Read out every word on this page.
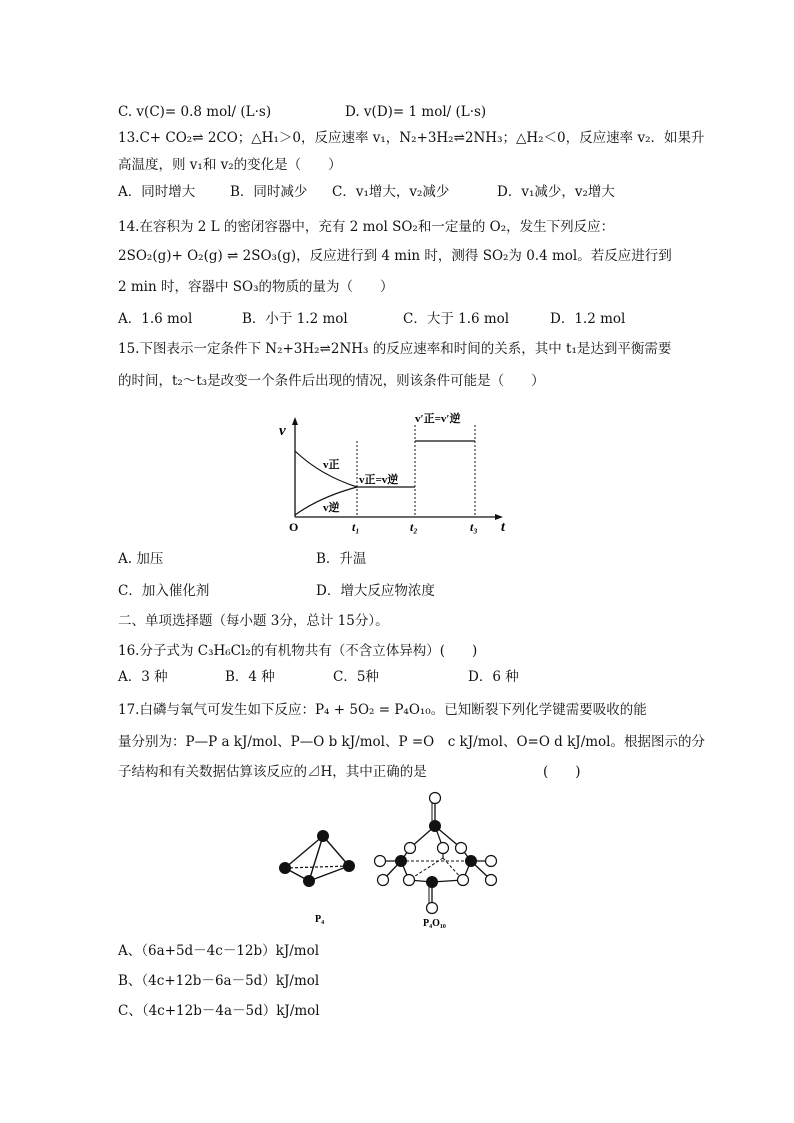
C. v(C)= 0.8 mol/ (L·s)	D. v(D)= 1 mol/ (L·s)
13.C+ CO₂⇌ 2CO；△H₁＞0，反应速率 v₁，N₂+3H₂⇌2NH₃；△H₂＜0，反应速率 v₂．如果升
高温度，则 v₁和 v₂的变化是（　　）
A．同时增大	B．同时减少 C．v₁增大，v₂减少	D．v₁减少，v₂增大
14.在容积为 2 L 的密闭容器中，充有 2 mol SO₂和一定量的 O₂，发生下列反应：
2SO₂(g)+ O₂(g) ⇌ 2SO₃(g)，反应进行到 4 min 时，测得 SO₂为 0.4 mol。若反应进行到
2 min 时，容器中 SO₃的物质的量为（　　）
A．1.6 mol	B．小于 1.2 mol	C．大于 1.6 mol	D．1.2 mol
15.下图表示一定条件下 N₂+3H₂⇌2NH₃ 的反应速率和时间的关系，其中 t₁是达到平衡需要
的时间，t₂～t₃是改变一个条件后出现的情况，则该条件可能是（　　）
v
t
O	t₁	t₂	t₃
v正
v逆
v正=v逆
v′正=v′逆
A. 加压	B．升温
C．加入催化剂	D．增大反应物浓度
二、单项选择题（每小题 3分，总计 15分）。
16.分子式为 C₃H₆Cl₂的有机物共有（不含立体异构）(　　)
A．3 种	B．4 种	C．5种	D．6 种
17.白磷与氧气可发生如下反应：P₄ + 5O₂ = P₄O₁₀。已知断裂下列化学键需要吸收的能
量分别为：P—P a kJ/mol、P—O b kJ/mol、P =O　c kJ/mol、O=O d kJ/mol。根据图示的分
子结构和有关数据估算该反应的⊿H，其中正确的是	(　　)
P₄	P₄O₁₀
A、（6a+5d－4c－12b）kJ/mol
B、（4c+12b－6a－5d）kJ/mol
C、（4c+12b－4a－5d）kJ/mol
